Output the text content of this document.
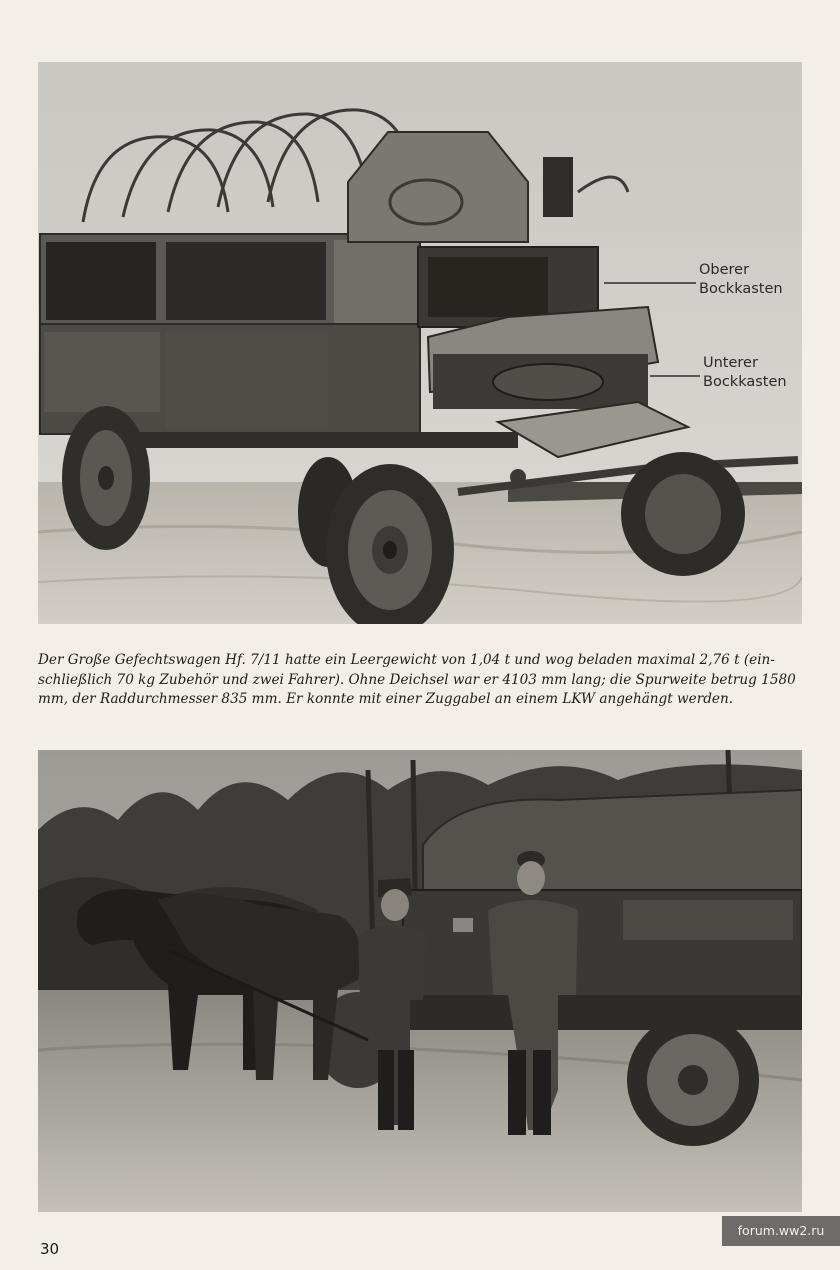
Oberer
Bockkasten
Unterer
Bockkasten
Der Große Gefechtswagen Hf. 7/11 hatte ein Leergewicht von 1,04 t und wog beladen maximal 2,76 t (ein-
schließlich 70 kg Zubehör und zwei Fahrer). Ohne Deichsel war er 4103 mm lang; die Spurweite betrug 1580
mm, der Raddurchmesser 835 mm. Er konnte mit einer Zuggabel an einem LKW angehängt werden.
30
forum.ww2.ru
